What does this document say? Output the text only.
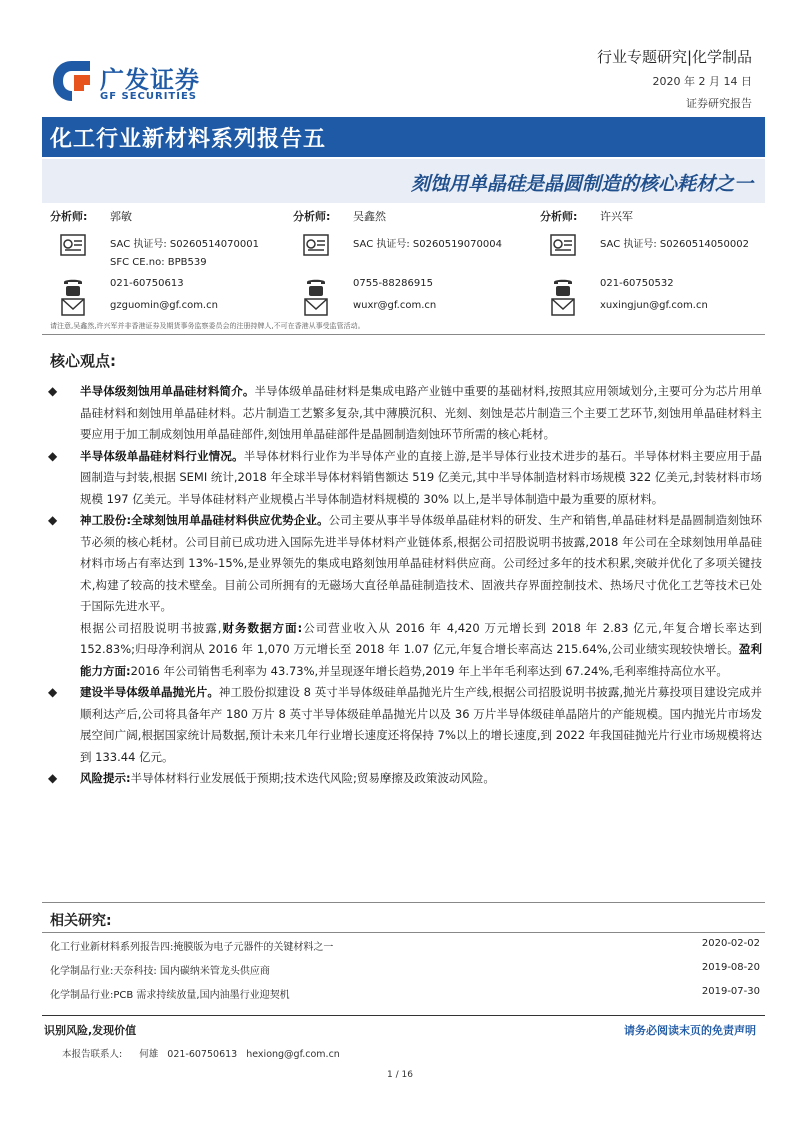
广发证券
GF SECURITIES
行业专题研究|化学制品
2020 年 2 月 14 日
证券研究报告
化工行业新材料系列报告五
刻蚀用单晶硅是晶圆制造的核心耗材之一
分析师: 郭敏
SAC 执证号: S0260514070001
SFC CE.no: BPB539
021-60750613
gzguomin@gf.com.cn
分析师: 吴鑫然
SAC 执证号: S0260519070004
0755-88286915
wuxr@gf.com.cn
分析师: 许兴军
SAC 执证号: S0260514050002
021-60750532
xuxingjun@gf.com.cn
请注意,吴鑫然,许兴军并非香港证券及期货事务监察委员会的注册持牌人,不可在香港从事受监管活动。
核心观点:

◆ 半导体级刻蚀用单晶硅材料简介。半导体级单晶硅材料是集成电路产业链中重要的基础材料,按照其应用领域划分,主要可分为芯片用单晶硅材料和刻蚀用单晶硅材料。芯片制造工艺繁多复杂,其中薄膜沉积、光刻、刻蚀是芯片制造三个主要工艺环节,刻蚀用单晶硅材料主要应用于加工制成刻蚀用单晶硅部件,刻蚀用单晶硅部件是晶圆制造刻蚀环节所需的核心耗材。

◆ 半导体级单晶硅材料行业情况。半导体材料行业作为半导体产业的直接上游,是半导体行业技术进步的基石。半导体材料主要应用于晶圆制造与封装,根据 SEMI 统计,2018 年全球半导体材料销售额达 519 亿美元,其中半导体制造材料市场规模 322 亿美元,封装材料市场规模 197 亿美元。半导体硅材料产业规模占半导体制造材料规模的 30% 以上,是半导体制造中最为重要的原材料。

◆ 神工股份:全球刻蚀用单晶硅材料供应优势企业。公司主要从事半导体级单晶硅材料的研发、生产和销售,单晶硅材料是晶圆制造刻蚀环节必须的核心耗材。公司目前已成功进入国际先进半导体材料产业链体系,根据公司招股说明书披露,2018 年公司在全球刻蚀用单晶硅材料市场占有率达到 13%-15%,是业界领先的集成电路刻蚀用单晶硅材料供应商。公司经过多年的技术积累,突破并优化了多项关键技术,构建了较高的技术壁垒。目前公司所拥有的无磁场大直径单晶硅制造技术、固液共存界面控制技术、热场尺寸优化工艺等技术已处于国际先进水平。

根据公司招股说明书披露,财务数据方面:公司营业收入从 2016 年 4,420 万元增长到 2018 年 2.83 亿元,年复合增长率达到 152.83%;归母净利润从 2016 年 1,070 万元增长至 2018 年 1.07 亿元,年复合增长率高达 215.64%,公司业绩实现较快增长。盈利能力方面:2016 年公司销售毛利率为 43.73%,并呈现逐年增长趋势,2019 年上半年毛利率达到 67.24%,毛利率维持高位水平。

◆ 建设半导体级单晶抛光片。神工股份拟建设 8 英寸半导体级硅单晶抛光片生产线,根据公司招股说明书披露,抛光片募投项目建设完成并顺利达产后,公司将具备年产 180 万片 8 英寸半导体级硅单晶抛光片以及 36 万片半导体级硅单晶陪片的产能规模。国内抛光片市场发展空间广阔,根据国家统计局数据,预计未来几年行业增长速度还将保持 7%以上的增长速度,到 2022 年我国硅抛光片行业市场规模将达到 133.44 亿元。

◆ 风险提示:半导体材料行业发展低于预期;技术迭代风险;贸易摩擦及政策波动风险。

相关研究:
化工行业新材料系列报告四:掩膜版为电子元器件的关键材料之一	2020-02-02
化学制品行业:天奈科技: 国内碳纳米管龙头供应商	2019-08-20
化学制品行业:PCB 需求持续放量,国内油墨行业迎契机	2019-07-30
识别风险,发现价值	请务必阅读末页的免责声明
本报告联系人: 何雄 021-60750613 hexiong@gf.com.cn
1 / 16
